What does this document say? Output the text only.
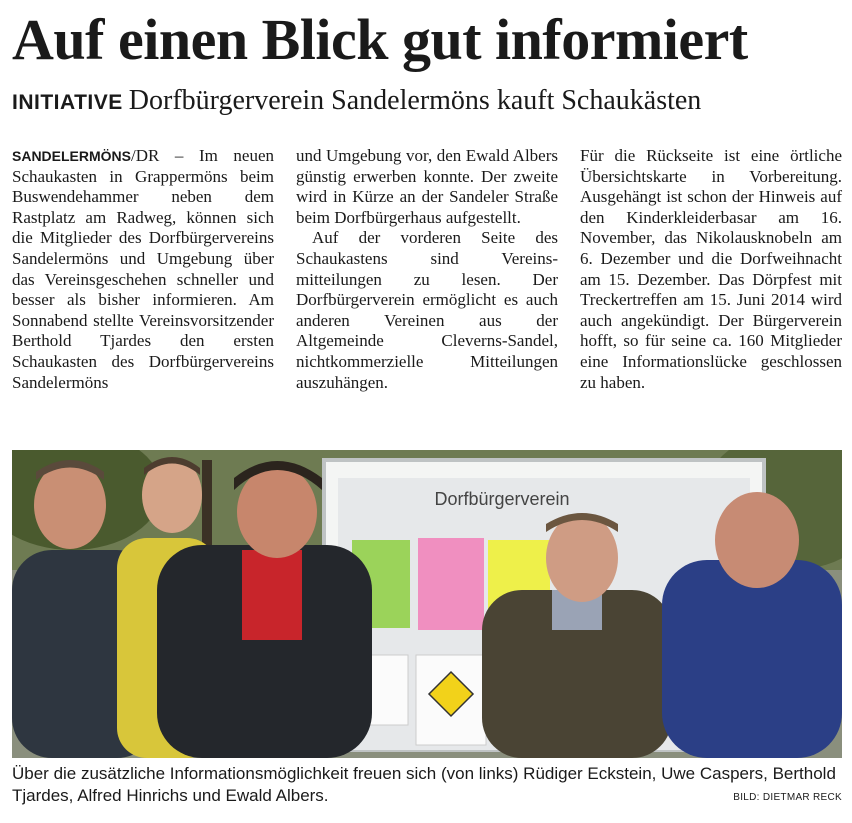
Auf einen Blick gut informiert
INITIATIVE Dorfbürgerverein Sandelermöns kauft Schaukästen

SANDELERMÖNS/DR – Im neuen Schaukasten in Grappermöns beim Buswendehammer neben dem Rastplatz am Radweg, können sich die Mitglieder des Dorfbürgervereins Sandelermöns und Umgebung über das Vereinsgeschehen schneller und besser als bisher informieren. Am Sonnabend stellte Vereinsvorsitzender Berthold Tjardes den ersten Schaukasten des Dorfbürgervereins Sandelermöns

und Umgebung vor, den Ewald Albers günstig erwerben konnte. Der zweite wird in Kürze an der Sandeler Straße beim Dorfbürgerhaus aufgestellt.

Auf der vorderen Seite des Schaukastens sind Vereinsmitteilungen zu lesen. Der Dorfbürgerverein ermöglicht es auch anderen Vereinen aus der Altgemeinde Cleverns-Sandel, nichtkommerzielle Mitteilungen auszuhängen.

Für die Rückseite ist eine örtliche Übersichtskarte in Vorbereitung. Ausgehängt ist schon der Hinweis auf den Kinderkleiderbasar am 16. November, das Nikolausknobeln am 6. Dezember und die Dorfweihnacht am 15. Dezember. Das Dörpfest mit Treckertreffen am 15. Juni 2014 wird auch angekündigt. Der Bürgerverein hofft, so für seine ca. 160 Mitglieder eine Informationslücke geschlossen zu haben.

Dorfbürgerverein
Über die zusätzliche Informationsmöglichkeit freuen sich (von links) Rüdiger Eckstein, Uwe Caspers, Berthold Tjardes, Alfred Hinrichs und Ewald Albers.	BILD: DIETMAR RECK
